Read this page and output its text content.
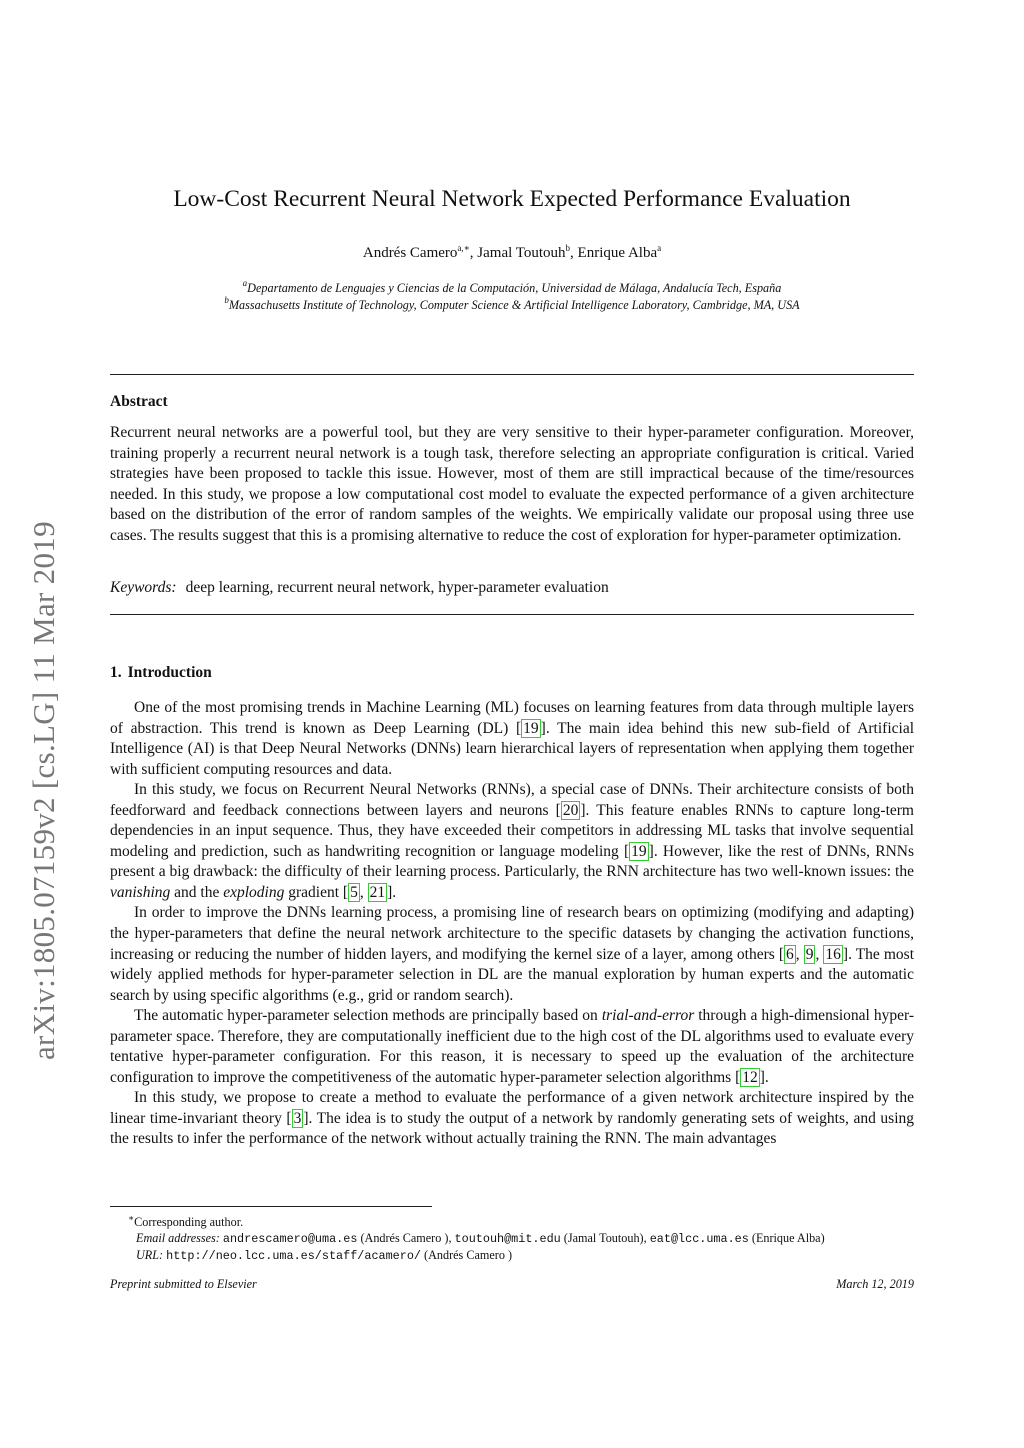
arXiv:1805.07159v2 [cs.LG] 11 Mar 2019
Low-Cost Recurrent Neural Network Expected Performance Evaluation
Andrés Camero$^{a,∗}$, Jamal Toutouh$^b$, Enrique Alba$^a$
$^a$Departamento de Lenguajes y Ciencias de la Computación, Universidad de Málaga, Andalucía Tech, España
$^b$Massachusetts Institute of Technology, Computer Science & Artificial Intelligence Laboratory, Cambridge, MA, USA
Abstract
Recurrent neural networks are a powerful tool, but they are very sensitive to their hyper-parameter configuration. Moreover, training properly a recurrent neural network is a tough task, therefore selecting an appropriate configuration is critical. Varied strategies have been proposed to tackle this issue. However, most of them are still impractical because of the time/resources needed. In this study, we propose a low computational cost model to evaluate the expected performance of a given architecture based on the distribution of the error of random samples of the weights. We empirically validate our proposal using three use cases. The results suggest that this is a promising alternative to reduce the cost of exploration for hyper-parameter optimization.
Keywords: deep learning, recurrent neural network, hyper-parameter evaluation
1. Introduction

One of the most promising trends in Machine Learning (ML) focuses on learning features from data through multiple layers of abstraction. This trend is known as Deep Learning (DL) [ 19 ]. The main idea behind this new sub-field of Artificial Intelligence (AI) is that Deep Neural Networks (DNNs) learn hierarchical layers of representation when applying them together with sufficient computing resources and data.

In this study, we focus on Recurrent Neural Networks (RNNs), a special case of DNNs. Their architecture consists of both feedforward and feedback connections between layers and neurons [ 20 ]. This feature enables RNNs to capture long-term dependencies in an input sequence. Thus, they have exceeded their competitors in addressing ML tasks that involve sequential modeling and prediction, such as handwriting recognition or language modeling [ 19 ]. However, like the rest of DNNs, RNNs present a big drawback: the difficulty of their learning process. Particularly, the RNN architecture has two well-known issues: the vanishing and the exploding gradient [ 5 , 21 ].

In order to improve the DNNs learning process, a promising line of research bears on optimizing (modifying and adapting) the hyper-parameters that define the neural network architecture to the specific datasets by changing the activation functions, increasing or reducing the number of hidden layers, and modifying the kernel size of a layer, among others [ 6 , 9 , 16 ]. The most widely applied methods for hyper-parameter selection in DL are the manual exploration by human experts and the automatic search by using specific algorithms (e.g., grid or random search).

The automatic hyper-parameter selection methods are principally based on trial-and-error through a high-dimensional hyper-parameter space. Therefore, they are computationally inefficient due to the high cost of the DL algorithms used to evaluate every tentative hyper-parameter configuration. For this reason, it is necessary to speed up the evaluation of the architecture configuration to improve the competitiveness of the automatic hyper-parameter selection algorithms [ 12 ].

In this study, we propose to create a method to evaluate the performance of a given network architecture inspired by the linear time-invariant theory [ 3 ]. The idea is to study the output of a network by randomly generating sets of weights, and using the results to infer the performance of the network without actually training the RNN. The main advantages

∗Corresponding author.
Email addresses: andrescamero@uma.es (Andrés Camero ), toutouh@mit.edu (Jamal Toutouh), eat@lcc.uma.es (Enrique Alba)
URL: http://neo.lcc.uma.es/staff/acamero/ (Andrés Camero )
Preprint submitted to Elsevier	March 12, 2019
